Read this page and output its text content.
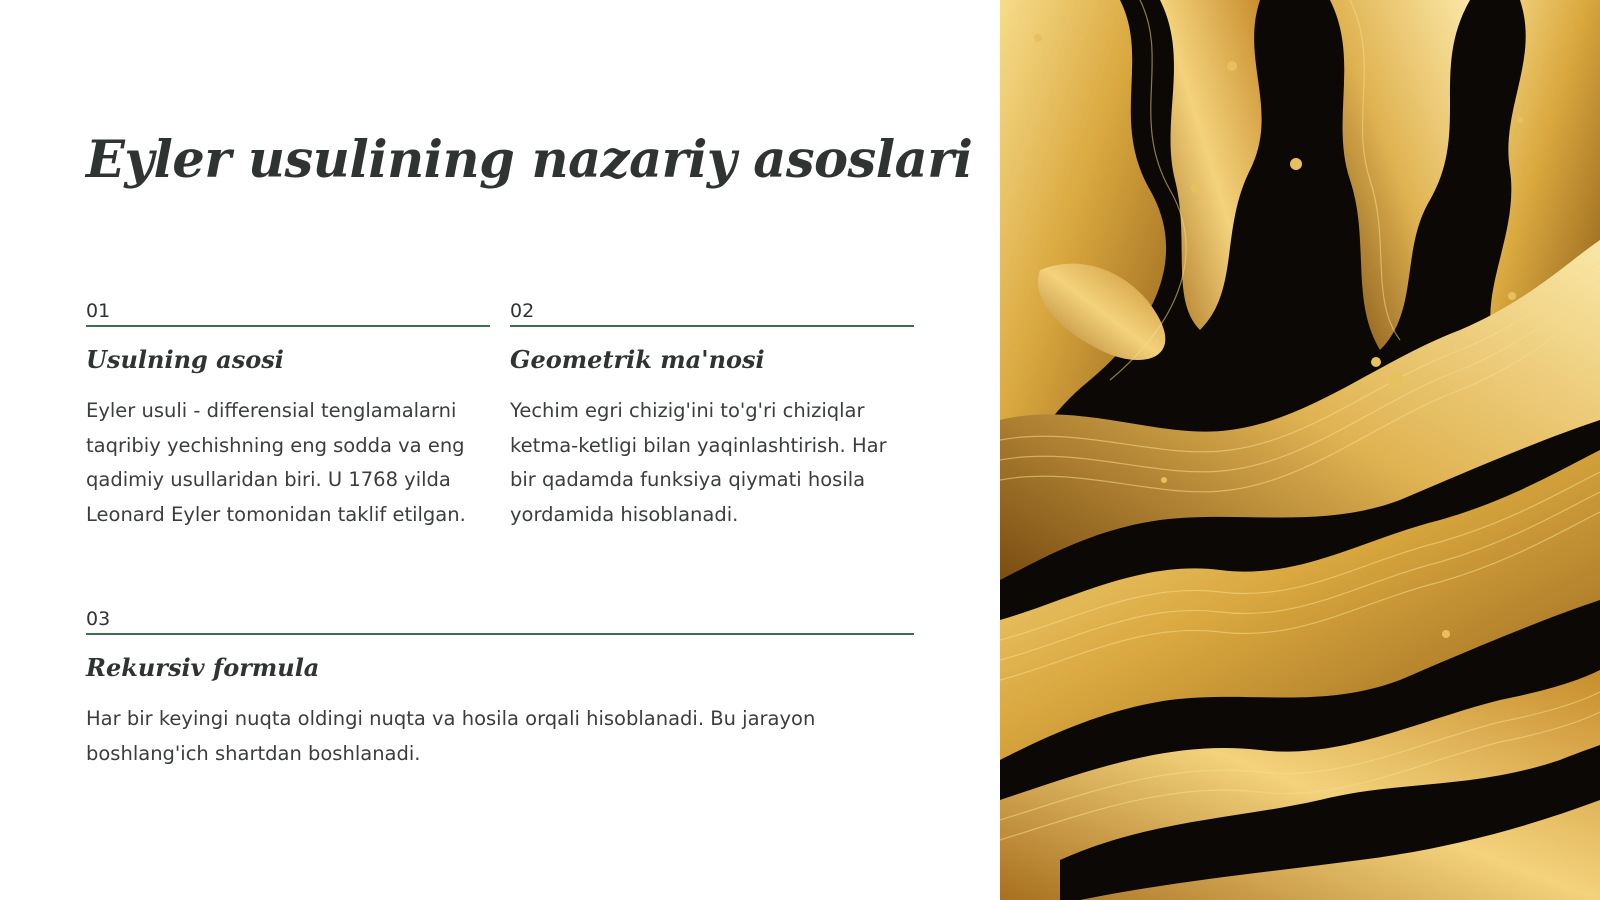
Eyler usulining nazariy asoslari
01
Usulning asosi
Eyler usuli - differensial tenglamalarni
taqribiy yechishning eng sodda va eng
qadimiy usullaridan biri. U 1768 yilda
Leonard Eyler tomonidan taklif etilgan.
02
Geometrik ma'nosi
Yechim egri chizig'ini to'g'ri chiziqlar
ketma-ketligi bilan yaqinlashtirish. Har
bir qadamda funksiya qiymati hosila
yordamida hisoblanadi.
03
Rekursiv formula
Har bir keyingi nuqta oldingi nuqta va hosila orqali hisoblanadi. Bu jarayon
boshlang'ich shartdan boshlanadi.
